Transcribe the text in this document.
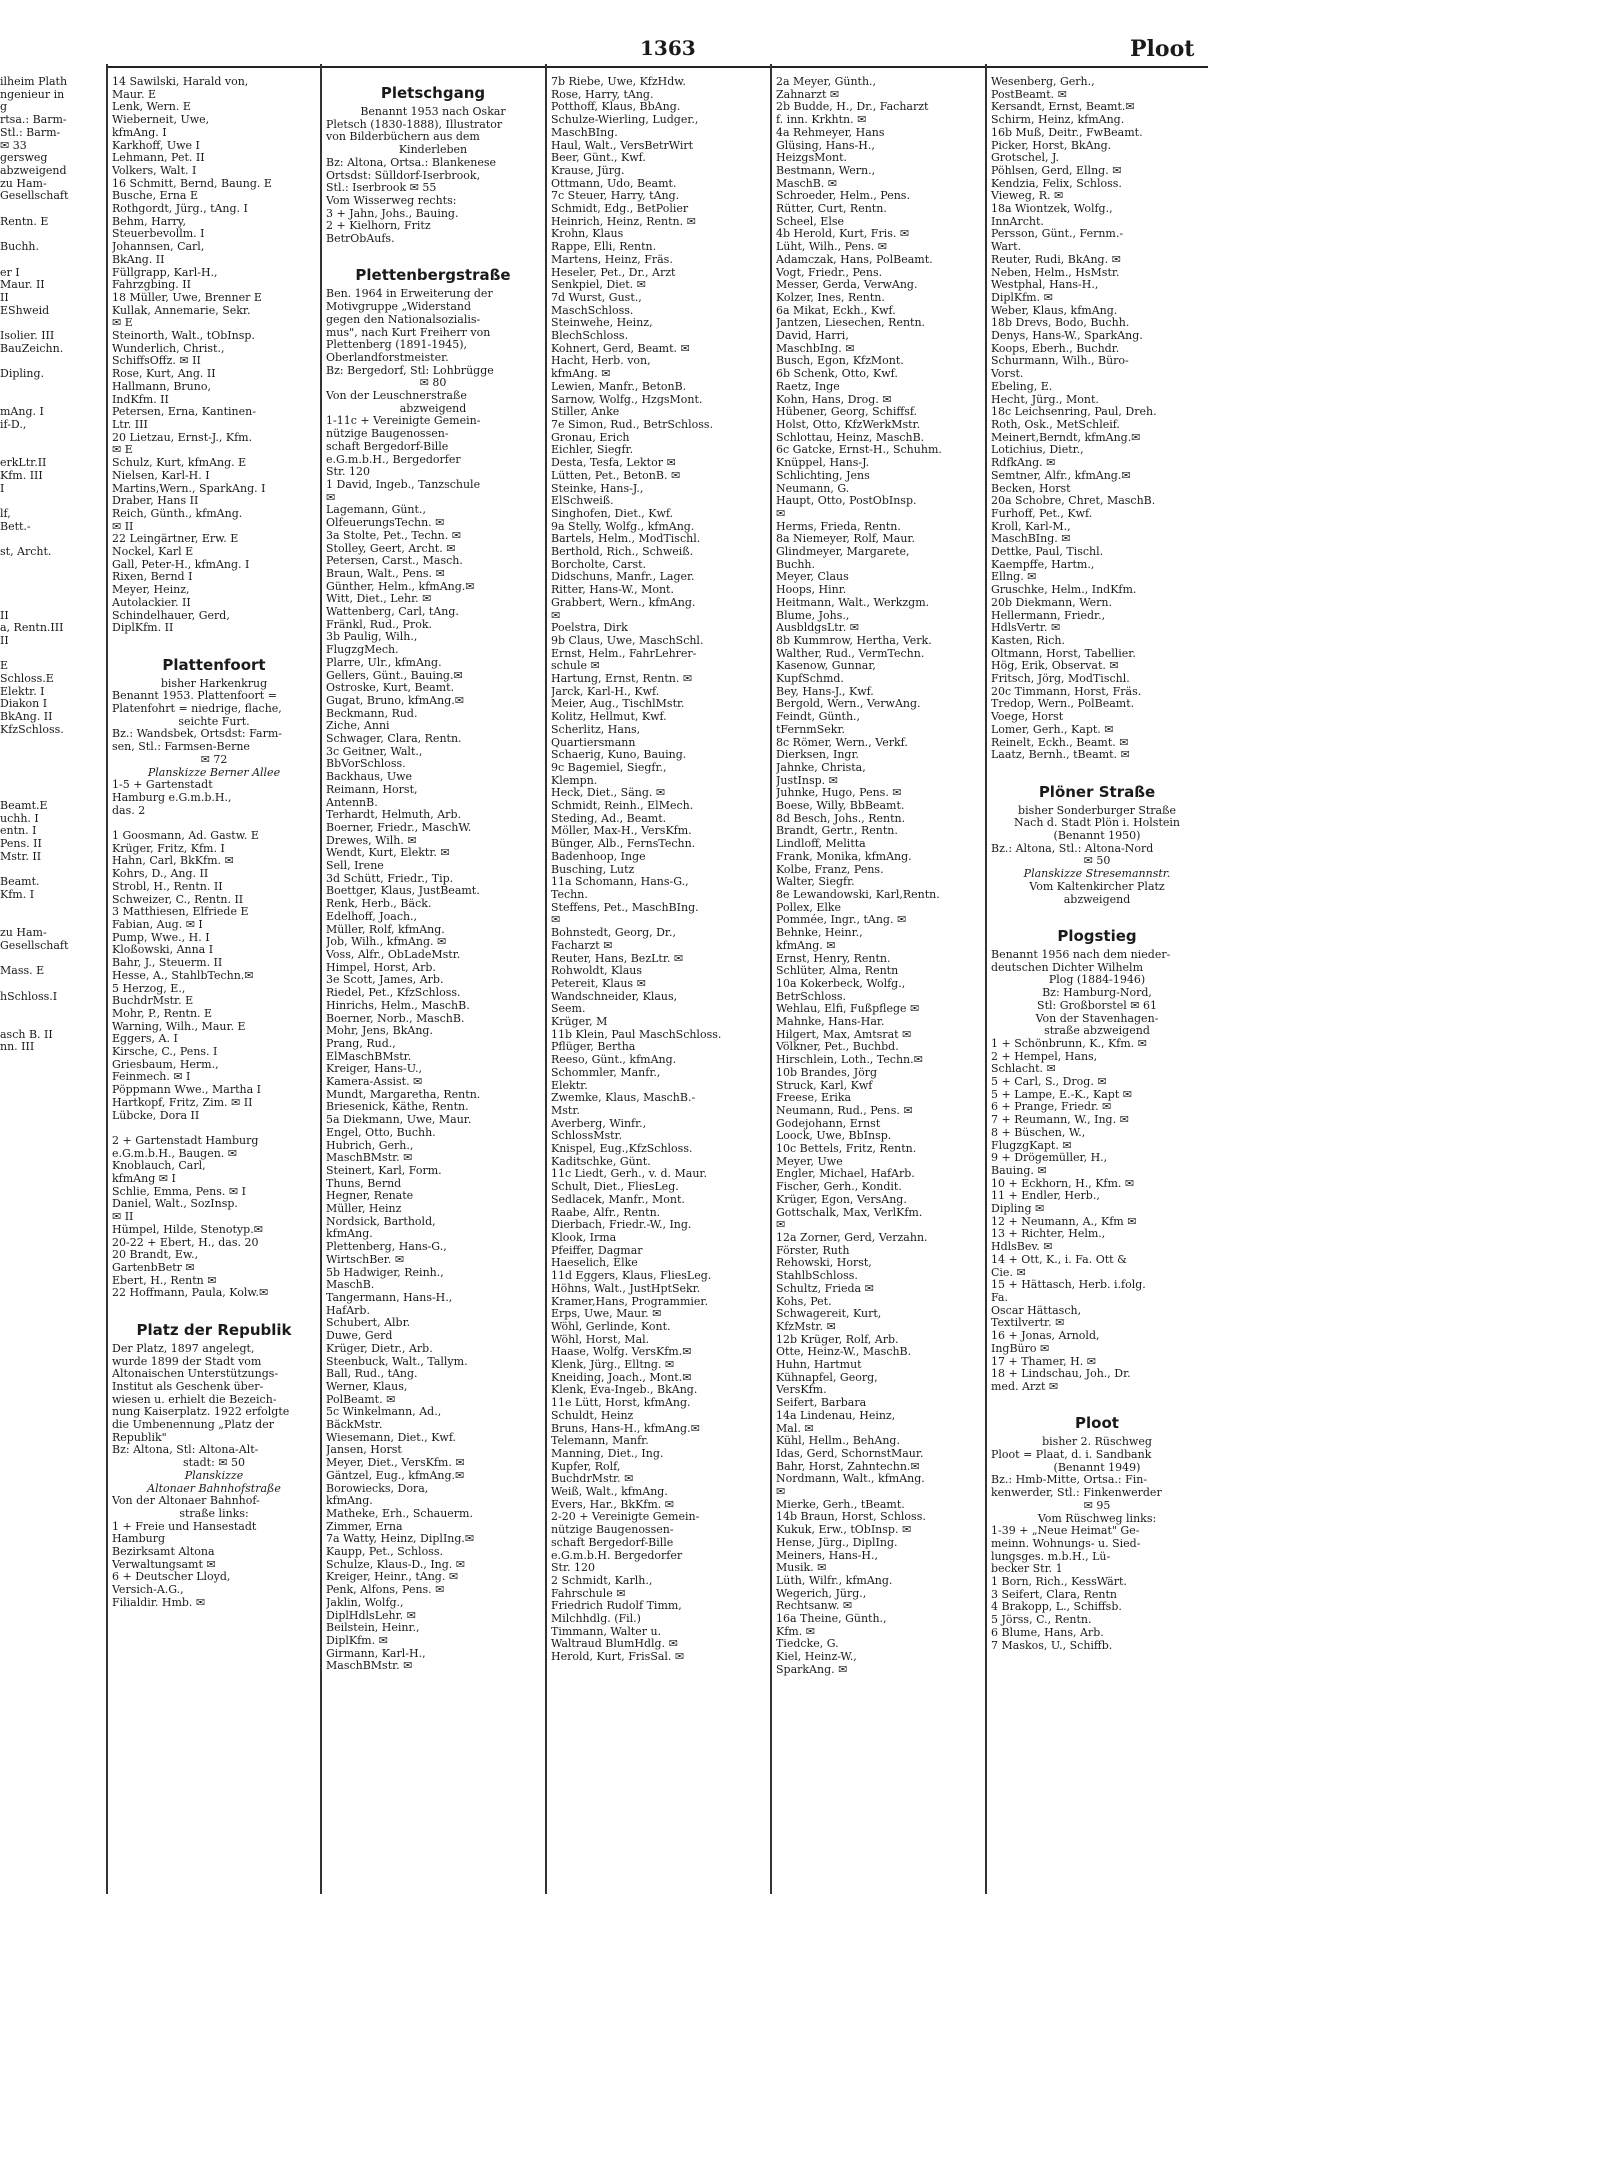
1363	Ploot
ilheim Plath
ngenieur in
g
rtsa.: Barm-
Stl.: Barm-
✉ 33
gersweg
abzweigend
zu Ham-
Gesellschaft

Rentn. E

Buchh.

er I
Maur. II
II
EShweid

Isolier. III
BauZeichn.

Dipling.

mAng. I
if-D.,

erkLtr.II
Kfm. III
I

lf,
Bett.-

st, Archt.

II
a, Rentn.III
II

E
Schloss.E
Elektr. I
Diakon I
BkAng. II
KfzSchloss.

Beamt.E
uchh. I
entn. I
Pens. II
Mstr. II

Beamt.
Kfm. I

zu Ham-
Gesellschaft

Mass. E

hSchloss.I

asch B. II
nn. III
14 Sawilski, Harald von,
Maur. E
Lenk, Wern. E
Wieberneit, Uwe,
kfmAng. I
Karkhoff, Uwe I
Lehmann, Pet. II
Volkers, Walt. I
16 Schmitt, Bernd, Baung. E
Busche, Erna E
Rothgordt, Jürg., tAng. I
Behm, Harry,
Steuerbevollm. I
Johannsen, Carl,
BkAng. II
Füllgrapp, Karl-H.,
Fahrzgbing. II
18 Müller, Uwe, Brenner E
Kullak, Annemarie, Sekr.
✉ E
Steinorth, Walt., tObInsp.
Wunderlich, Christ.,
SchiffsOffz. ✉ II
Rose, Kurt, Ang. II
Hallmann, Bruno,
IndKfm. II
Petersen, Erna, Kantinen-
Ltr. III
20 Lietzau, Ernst-J., Kfm.
✉ E
Schulz, Kurt, kfmAng. E
Nielsen, Karl-H. I
Martins,Wern., SparkAng. I
Draber, Hans II
Reich, Günth., kfmAng.
✉ II
22 Leingärtner, Erw. E
Nockel, Karl E
Gall, Peter-H., kfmAng. I
Rixen, Bernd I
Meyer, Heinz,
Autolackier. II
Schindelhauer, Gerd,
DiplKfm. II

Plattenfoort
bisher Harkenkrug
Benannt 1953. Plattenfoort =
Platenfohrt = niedrige, flache,
seichte Furt.
Bz.: Wandsbek, Ortsdst: Farm-
sen, Stl.: Farmsen-Berne
✉ 72
Planskizze Berner Allee
1-5 + Gartenstadt
Hamburg e.G.m.b.H.,
das. 2

1 Goosmann, Ad. Gastw. E
Krüger, Fritz, Kfm. I
Hahn, Carl, BkKfm. ✉
Kohrs, D., Ang. II
Strobl, H., Rentn. II
Schweizer, C., Rentn. II
3 Matthiesen, Elfriede E
Fabian, Aug. ✉ I
Pump, Wwe., H. I
Kloßowski, Anna I
Bahr, J., Steuerm. II
Hesse, A., StahlbTechn.✉
5 Herzog, E.,
BuchdrMstr. E
Mohr, P., Rentn. E
Warning, Wilh., Maur. E
Eggers, A. I
Kirsche, C., Pens. I
Griesbaum, Herm.,
Feinmech. ✉ I
Pöppmann Wwe., Martha I
Hartkopf, Fritz, Zim. ✉ II
Lübcke, Dora II

2 + Gartenstadt Hamburg
e.G.m.b.H., Baugen. ✉
Knoblauch, Carl,
kfmAng ✉ I
Schlie, Emma, Pens. ✉ I
Daniel, Walt., SozInsp.
✉ II
Hümpel, Hilde, Stenotyp.✉
20-22 + Ebert, H., das. 20
20 Brandt, Ew.,
GartenbBetr ✉
Ebert, H., Rentn ✉
22 Hoffmann, Paula, Kolw.✉

Platz der Republik
Der Platz, 1897 angelegt,
wurde 1899 der Stadt vom
Altonaischen Unterstützungs-
Institut als Geschenk über-
wiesen u. erhielt die Bezeich-
nung Kaiserplatz. 1922 erfolgte
die Umbenennung „Platz der
Republik"
Bz: Altona, Stl: Altona-Alt-
stadt: ✉ 50
Planskizze
Altonaer Bahnhofstraße
Von der Altonaer Bahnhof-
straße links:
1 + Freie und Hansestadt
Hamburg
Bezirksamt Altona
Verwaltungsamt ✉
6 + Deutscher Lloyd,
Versich-A.G.,
Filialdir. Hmb. ✉
Pletschgang
Benannt 1953 nach Oskar
Pletsch (1830-1888), Illustrator
von Bilderbüchern aus dem
Kinderleben
Bz: Altona, Ortsa.: Blankenese
Ortsdst: Sülldorf-Iserbrook,
Stl.: Iserbrook ✉ 55
Vom Wisserweg rechts:
3 + Jahn, Johs., Bauing.
2 + Kielhorn, Fritz
BetrObAufs.

Plettenbergstraße
Ben. 1964 in Erweiterung der
Motivgruppe „Widerstand
gegen den Nationalsozialis-
mus", nach Kurt Freiherr von
Plettenberg (1891-1945),
Oberlandforstmeister.
Bz: Bergedorf, Stl: Lohbrügge
✉ 80
Von der Leuschnerstraße
abzweigend
1-11c + Vereinigte Gemein-
nützige Baugenossen-
schaft Bergedorf-Bille
e.G.m.b.H., Bergedorfer
Str. 120
1 David, Ingeb., Tanzschule
✉
Lagemann, Günt.,
OlfeuerungsTechn. ✉
3a Stolte, Pet., Techn. ✉
Stolley, Geert, Archt. ✉
Petersen, Carst., Masch.
Braun, Walt., Pens. ✉
Günther, Helm., kfmAng.✉
Witt, Diet., Lehr. ✉
Wattenberg, Carl, tAng.
Fränkl, Rud., Prok.
3b Paulig, Wilh.,
FlugzgMech.
Plarre, Ulr., kfmAng.
Gellers, Günt., Bauing.✉
Ostroske, Kurt, Beamt.
Gugat, Bruno, kfmAng.✉
Beckmann, Rud.
Ziche, Anni
Schwager, Clara, Rentn.
3c Geitner, Walt.,
BbVorSchloss.
Backhaus, Uwe
Reimann, Horst,
AntennB.
Terhardt, Helmuth, Arb.
Boerner, Friedr., MaschW.
Drewes, Wilh. ✉
Wendt, Kurt, Elektr. ✉
Sell, Irene
3d Schütt, Friedr., Tip.
Boettger, Klaus, JustBeamt.
Renk, Herb., Bäck.
Edelhoff, Joach.,
Müller, Rolf, kfmAng.
Job, Wilh., kfmAng. ✉
Voss, Alfr., ObLadeMstr.
Himpel, Horst, Arb.
3e Scott, James, Arb.
Riedel, Pet., KfzSchloss.
Hinrichs, Helm., MaschB.
Boerner, Norb., MaschB.
Mohr, Jens, BkAng.
Prang, Rud.,
ElMaschBMstr.
Kreiger, Hans-U.,
Kamera-Assist. ✉
Mundt, Margaretha, Rentn.
Briesenick, Käthe, Rentn.
5a Diekmann, Uwe, Maur.
Engel, Otto, Buchh.
Hubrich, Gerh.,
MaschBMstr. ✉
Steinert, Karl, Form.
Thuns, Bernd
Hegner, Renate
Müller, Heinz
Nordsick, Barthold,
kfmAng.
Plettenberg, Hans-G.,
WirtschBer. ✉
5b Hadwiger, Reinh.,
MaschB.
Tangermann, Hans-H.,
HafArb.
Schubert, Albr.
Duwe, Gerd
Krüger, Dietr., Arb.
Steenbuck, Walt., Tallym.
Ball, Rud., tAng.
Werner, Klaus,
PolBeamt. ✉
5c Winkelmann, Ad.,
BäckMstr.
Wiesemann, Diet., Kwf.
Jansen, Horst
Meyer, Diet., VersKfm. ✉
Gäntzel, Eug., kfmAng.✉
Borowiecks, Dora,
kfmAng.
Matheke, Erh., Schauerm.
Zimmer, Erna
7a Watty, Heinz, DiplIng.✉
Kaupp, Pet., Schloss.
Schulze, Klaus-D., Ing. ✉
Kreiger, Heinr., tAng. ✉
Penk, Alfons, Pens. ✉
Jaklin, Wolfg.,
DiplHdlsLehr. ✉
Beilstein, Heinr.,
DiplKfm. ✉
Girmann, Karl-H.,
MaschBMstr. ✉
7b Riebe, Uwe, KfzHdw.
Rose, Harry, tAng.
Potthoff, Klaus, BbAng.
Schulze-Wierling, Ludger.,
MaschBIng.
Haul, Walt., VersBetrWirt
Beer, Günt., Kwf.
Krause, Jürg.
Ottmann, Udo, Beamt.
7c Steuer, Harry, tAng.
Schmidt, Edg., BetPolier
Heinrich, Heinz, Rentn. ✉
Krohn, Klaus
Rappe, Elli, Rentn.
Martens, Heinz, Fräs.
Heseler, Pet., Dr., Arzt
Senkpiel, Diet. ✉
7d Wurst, Gust.,
MaschSchloss.
Steinwehe, Heinz,
BlechSchloss.
Kohnert, Gerd, Beamt. ✉
Hacht, Herb. von,
kfmAng. ✉
Lewien, Manfr., BetonB.
Sarnow, Wolfg., HzgsMont.
Stiller, Anke
7e Simon, Rud., BetrSchloss.
Gronau, Erich
Eichler, Siegfr.
Desta, Tesfa, Lektor ✉
Lütten, Pet., BetonB. ✉
Steinke, Hans-J.,
ElSchweiß.
Singhofen, Diet., Kwf.
9a Stelly, Wolfg., kfmAng.
Bartels, Helm., ModTischl.
Berthold, Rich., Schweiß.
Borcholte, Carst.
Didschuns, Manfr., Lager.
Ritter, Hans-W., Mont.
Grabbert, Wern., kfmAng.
✉
Poelstra, Dirk
9b Claus, Uwe, MaschSchl.
Ernst, Helm., FahrLehrer-
schule ✉
Hartung, Ernst, Rentn. ✉
Jarck, Karl-H., Kwf.
Meier, Aug., TischlMstr.
Kolitz, Hellmut, Kwf.
Scherlitz, Hans,
Quartiersmann
Schaerig, Kuno, Bauing.
9c Bagemiel, Siegfr.,
Klempn.
Heck, Diet., Säng. ✉
Schmidt, Reinh., ElMech.
Steding, Ad., Beamt.
Möller, Max-H., VersKfm.
Bünger, Alb., FernsTechn.
Badenhoop, Inge
Busching, Lutz
11a Schomann, Hans-G.,
Techn.
Steffens, Pet., MaschBIng.
✉
Bohnstedt, Georg, Dr.,
Facharzt ✉
Reuter, Hans, BezLtr. ✉
Rohwoldt, Klaus
Petereit, Klaus ✉
Wandschneider, Klaus,
Seem.
Krüger, M
11b Klein, Paul MaschSchloss.
Pflüger, Bertha
Reeso, Günt., kfmAng.
Schommler, Manfr.,
Elektr.
Zwemke, Klaus, MaschB.-
Mstr.
Averberg, Winfr.,
SchlossMstr.
Knispel, Eug.,KfzSchloss.
Kaditschke, Günt.
11c Liedt, Gerh., v. d. Maur.
Schult, Diet., FliesLeg.
Sedlacek, Manfr., Mont.
Raabe, Alfr., Rentn.
Dierbach, Friedr.-W., Ing.
Klook, Irma
Pfeiffer, Dagmar
Haeselich, Elke
11d Eggers, Klaus, FliesLeg.
Höhns, Walt., JustHptSekr.
Kramer,Hans, Programmier.
Erps, Uwe, Maur. ✉
Wöhl, Gerlinde, Kont.
Wöhl, Horst, Mal.
Haase, Wolfg. VersKfm.✉
Klenk, Jürg., Elltng. ✉
Kneiding, Joach., Mont.✉
Klenk, Eva-Ingeb., BkAng.
11e Lütt, Horst, kfmAng.
Schuldt, Heinz
Bruns, Hans-H., kfmAng.✉
Telemann, Manfr.
Manning, Diet., Ing.
Kupfer, Rolf,
BuchdrMstr. ✉
Weiß, Walt., kfmAng.
Evers, Har., BkKfm. ✉
2-20 + Vereinigte Gemein-
nützige Baugenossen-
schaft Bergedorf-Bille
e.G.m.b.H. Bergedorfer
Str. 120
2 Schmidt, Karlh.,
Fahrschule ✉
Friedrich Rudolf Timm,
Milchhdlg. (Fil.)
Timmann, Walter u.
Waltraud BlumHdlg. ✉
Herold, Kurt, FrisSal. ✉
2a Meyer, Günth.,
Zahnarzt ✉
2b Budde, H., Dr., Facharzt
f. inn. Krkhtn. ✉
4a Rehmeyer, Hans
Glüsing, Hans-H.,
HeizgsMont.
Bestmann, Wern.,
MaschB. ✉
Schroeder, Helm., Pens.
Rütter, Curt, Rentn.
Scheel, Else
4b Herold, Kurt, Fris. ✉
Lüht, Wilh., Pens. ✉
Adamczak, Hans, PolBeamt.
Vogt, Friedr., Pens.
Messer, Gerda, VerwAng.
Kolzer, Ines, Rentn.
6a Mikat, Eckh., Kwf.
Jantzen, Liesechen, Rentn.
David, Harri,
MaschbIng. ✉
Busch, Egon, KfzMont.
6b Schenk, Otto, Kwf.
Raetz, Inge
Kohn, Hans, Drog. ✉
Hübener, Georg, Schiffsf.
Holst, Otto, KfzWerkMstr.
Schlottau, Heinz, MaschB.
6c Gatcke, Ernst-H., Schuhm.
Knüppel, Hans-J.
Schlichting, Jens
Neumann, G.
Haupt, Otto, PostObInsp.
✉
Herms, Frieda, Rentn.
8a Niemeyer, Rolf, Maur.
Glindmeyer, Margarete,
Buchh.
Meyer, Claus
Hoops, Hinr.
Heitmann, Walt., Werkzgm.
Blume, Johs.,
AusbldgsLtr. ✉
8b Kummrow, Hertha, Verk.
Walther, Rud., VermTechn.
Kasenow, Gunnar,
KupfSchmd.
Bey, Hans-J., Kwf.
Bergold, Wern., VerwAng.
Feindt, Günth.,
tFernmSekr.
8c Römer, Wern., Verkf.
Dierksen, Ingr.
Jahnke, Christa,
JustInsp. ✉
Juhnke, Hugo, Pens. ✉
Boese, Willy, BbBeamt.
8d Besch, Johs., Rentn.
Brandt, Gertr., Rentn.
Lindloff, Melitta
Frank, Monika, kfmAng.
Kolbe, Franz, Pens.
Walter, Siegfr.
8e Lewandowski, Karl,Rentn.
Pollex, Elke
Pommée, Ingr., tAng. ✉
Behnke, Heinr.,
kfmAng. ✉
Ernst, Henry, Rentn.
Schlüter, Alma, Rentn
10a Kokerbeck, Wolfg.,
BetrSchloss.
Wehlau, Elfi, Fußpflege ✉
Mahnke, Hans-Har.
Hilgert, Max, Amtsrat ✉
Völkner, Pet., Buchbd.
Hirschlein, Loth., Techn.✉
10b Brandes, Jörg
Struck, Karl, Kwf
Freese, Erika
Neumann, Rud., Pens. ✉
Godejohann, Ernst
Loock, Uwe, BbInsp.
10c Bettels, Fritz, Rentn.
Meyer, Uwe
Engler, Michael, HafArb.
Fischer, Gerh., Kondit.
Krüger, Egon, VersAng.
Gottschalk, Max, VerlKfm.
✉
12a Zorner, Gerd, Verzahn.
Förster, Ruth
Rehowski, Horst,
StahlbSchloss.
Schultz, Frieda ✉
Kohs, Pet.
Schwagereit, Kurt,
KfzMstr. ✉
12b Krüger, Rolf, Arb.
Otte, Heinz-W., MaschB.
Huhn, Hartmut
Kühnapfel, Georg,
VersKfm.
Seifert, Barbara
14a Lindenau, Heinz,
Mal. ✉
Kühl, Hellm., BehAng.
Idas, Gerd, SchornstMaur.
Bahr, Horst, Zahntechn.✉
Nordmann, Walt., kfmAng.
✉
Mierke, Gerh., tBeamt.
14b Braun, Horst, Schloss.
Kukuk, Erw., tObInsp. ✉
Hense, Jürg., DiplIng.
Meiners, Hans-H.,
Musik. ✉
Lüth, Wilfr., kfmAng.
Wegerich, Jürg.,
Rechtsanw. ✉
16a Theine, Günth.,
Kfm. ✉
Tiedcke, G.
Kiel, Heinz-W.,
SparkAng. ✉
Wesenberg, Gerh.,
PostBeamt. ✉
Kersandt, Ernst, Beamt.✉
Schirm, Heinz, kfmAng.
16b Muß, Deitr., FwBeamt.
Picker, Horst, BkAng.
Grotschel, J.
Pöhlsen, Gerd, Ellng. ✉
Kendzia, Felix, Schloss.
Vieweg, R. ✉
18a Wiontzek, Wolfg.,
InnArcht.
Persson, Günt., Fernm.-
Wart.
Reuter, Rudi, BkAng. ✉
Neben, Helm., HsMstr.
Westphal, Hans-H.,
DiplKfm. ✉
Weber, Klaus, kfmAng.
18b Drevs, Bodo, Buchh.
Denys, Hans-W., SparkAng.
Koops, Eberh., Buchdr.
Schurmann, Wilh., Büro-
Vorst.
Ebeling, E.
Hecht, Jürg., Mont.
18c Leichsenring, Paul, Dreh.
Roth, Osk., MetSchleif.
Meinert,Berndt, kfmAng.✉
Lotichius, Dietr.,
RdfkAng. ✉
Semtner, Alfr., kfmAng.✉
Becken, Horst
20a Schobre, Chret, MaschB.
Furhoff, Pet., Kwf.
Kroll, Karl-M.,
MaschBIng. ✉
Dettke, Paul, Tischl.
Kaempffe, Hartm.,
Ellng. ✉
Gruschke, Helm., IndKfm.
20b Diekmann, Wern.
Hellermann, Friedr.,
HdlsVertr. ✉
Kasten, Rich.
Oltmann, Horst, Tabellier.
Hög, Erik, Observat. ✉
Fritsch, Jörg, ModTischl.
20c Timmann, Horst, Fräs.
Tredop, Wern., PolBeamt.
Voege, Horst
Lomer, Gerh., Kapt. ✉
Reinelt, Eckh., Beamt. ✉
Laatz, Bernh., tBeamt. ✉

Plöner Straße
bisher Sonderburger Straße
Nach d. Stadt Plön i. Holstein
(Benannt 1950)
Bz.: Altona, Stl.: Altona-Nord
✉ 50
Planskizze Stresemannstr.
Vom Kaltenkircher Platz
abzweigend

Plogstieg
Benannt 1956 nach dem nieder-
deutschen Dichter Wilhelm
Plog (1884-1946)
Bz: Hamburg-Nord,
Stl: Großborstel ✉ 61
Von der Stavenhagen-
straße abzweigend
1 + Schönbrunn, K., Kfm. ✉
2 + Hempel, Hans,
Schlacht. ✉
5 + Carl, S., Drog. ✉
5 + Lampe, E.-K., Kapt ✉
6 + Prange, Friedr. ✉
7 + Reumann, W., Ing. ✉
8 + Büschen, W.,
FlugzgKapt. ✉
9 + Drögemüller, H.,
Bauing. ✉
10 + Eckhorn, H., Kfm. ✉
11 + Endler, Herb.,
Dipling ✉
12 + Neumann, A., Kfm ✉
13 + Richter, Helm.,
HdlsBev. ✉
14 + Ott, K., i. Fa. Ott &
Cie. ✉
15 + Hättasch, Herb. i.folg.
Fa.
Oscar Hättasch,
Textilvertr. ✉
16 + Jonas, Arnold,
IngBüro ✉
17 + Thamer, H. ✉
18 + Lindschau, Joh., Dr.
med. Arzt ✉

Ploot
bisher 2. Rüschweg
Ploot = Plaat, d. i. Sandbank
(Benannt 1949)
Bz.: Hmb-Mitte, Ortsa.: Fin-
kenwerder, Stl.: Finkenwerder
✉ 95
Vom Rüschweg links:
1-39 + „Neue Heimat" Ge-
meinn. Wohnungs- u. Sied-
lungsges. m.b.H., Lü-
becker Str. 1
1 Born, Rich., KessWärt.
3 Seifert, Clara, Rentn
4 Brakopp, L., Schiffsb.
5 Jörss, C., Rentn.
6 Blume, Hans, Arb.
7 Maskos, U., Schiffb.
